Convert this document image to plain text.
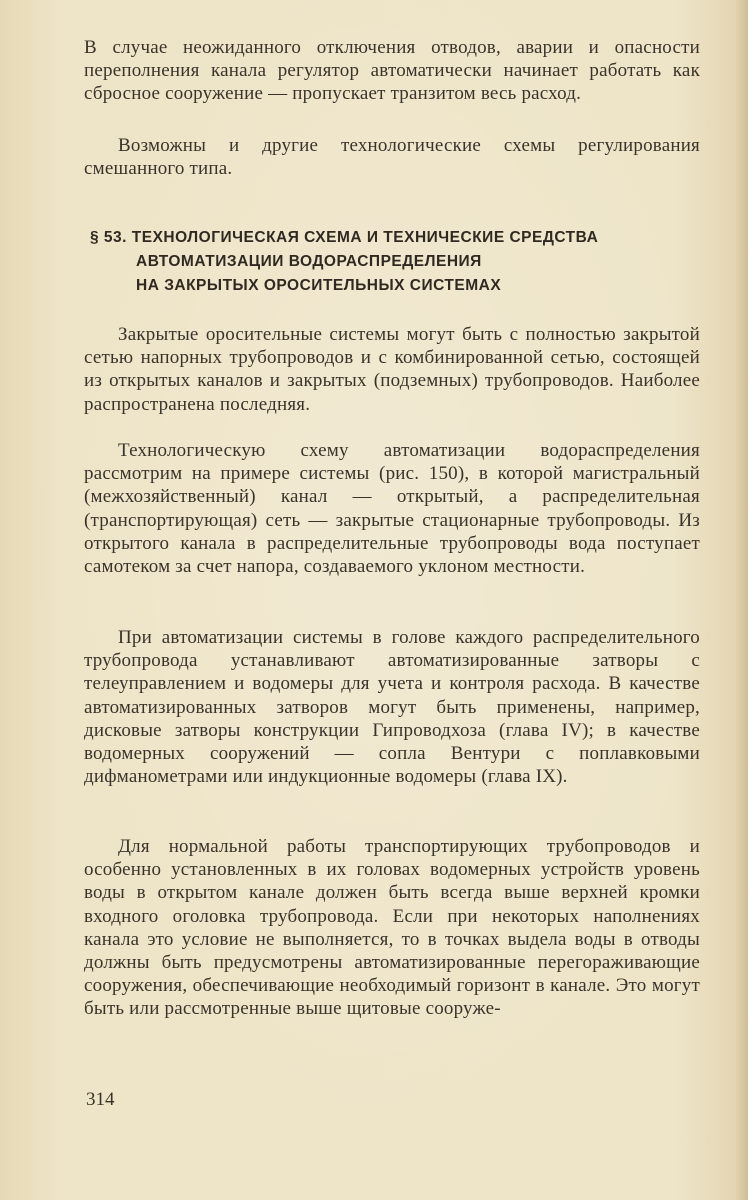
В случае неожиданного отключения отводов, аварии и опасности переполнения канала регулятор автоматически начинает работать как сбросное сооружение — пропускает транзитом весь расход.

Возможны и другие технологические схемы регулирования смешанного типа.

§ 53. ТЕХНОЛОГИЧЕСКАЯ СХЕМА И ТЕХНИЧЕСКИЕ СРЕДСТВА
АВТОМАТИЗАЦИИ ВОДОРАСПРЕДЕЛЕНИЯ
НА ЗАКРЫТЫХ ОРОСИТЕЛЬНЫХ СИСТЕМАХ

Закрытые оросительные системы могут быть с полностью закрытой сетью напорных трубопроводов и с комбинированной сетью, состоящей из открытых каналов и закрытых (подземных) трубопроводов. Наиболее распространена последняя.

Технологическую схему автоматизации водораспределения рассмотрим на примере системы (рис. 150), в которой магистральный (межхозяйственный) канал — открытый, а распределительная (транспортирующая) сеть — закрытые стационарные трубопроводы. Из открытого канала в распределительные трубопроводы вода поступает самотеком за счет напора, создаваемого уклоном местности.

При автоматизации системы в голове каждого распределительного трубопровода устанавливают автоматизированные затворы с телеуправлением и водомеры для учета и контроля расхода. В качестве автоматизированных затворов могут быть применены, например, дисковые затворы конструкции Гипроводхоза (глава IV); в качестве водомерных сооружений — сопла Вентури с поплавковыми дифманометрами или индукционные водомеры (глава IX).

Для нормальной работы транспортирующих трубопроводов и особенно установленных в их головах водомерных устройств уровень воды в открытом канале должен быть всегда выше верхней кромки входного оголовка трубопровода. Если при некоторых наполнениях канала это условие не выполняется, то в точках выдела воды в отводы должны быть предусмотрены автоматизированные перегораживающие сооружения, обеспечивающие необходимый горизонт в канале. Это могут быть или рассмотренные выше щитовые сооруже-

314
